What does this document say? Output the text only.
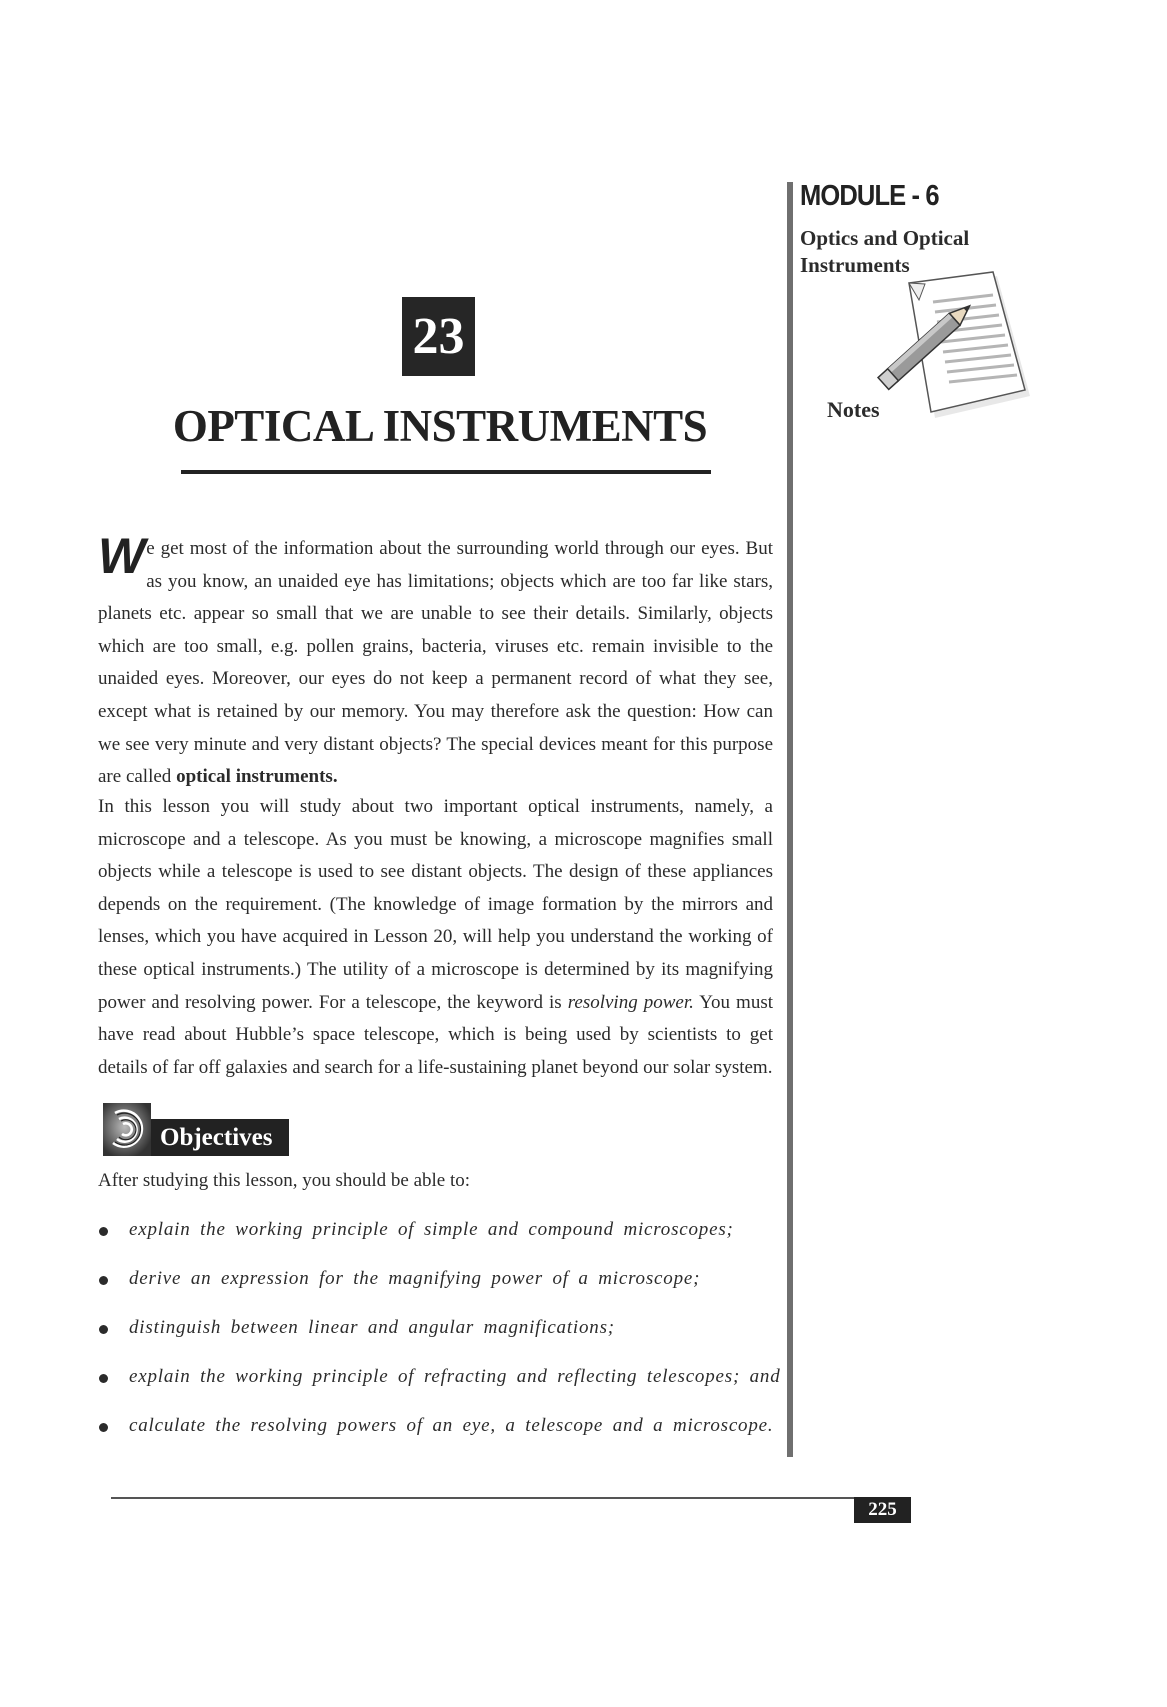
23
OPTICAL INSTRUMENTS
MODULE - 6
Optics and Optical
Instruments
Notes
We get most of the information about the surrounding world through our eyes. But as you know, an unaided eye has limitations; objects which are too far like stars, planets etc. appear so small that we are unable to see their details. Similarly, objects which are too small, e.g. pollen grains, bacteria, viruses etc. remain invisible to the unaided eyes. Moreover, our eyes do not keep a permanent record of what they see, except what is retained by our memory. You may therefore ask the question: How can we see very minute and very distant objects? The special devices meant for this purpose are called optical instruments.
In this lesson you will study about two important optical instruments, namely, a microscope and a telescope. As you must be knowing, a microscope magnifies small objects while a telescope is used to see distant objects. The design of these appliances depends on the requirement. (The knowledge of image formation by the mirrors and lenses, which you have acquired in Lesson 20, will help you understand the working of these optical instruments.) The utility of a microscope is determined by its magnifying power and resolving power. For a telescope, the keyword is resolving power. You must have read about Hubble’s space telescope, which is being used by scientists to get details of far off galaxies and search for a life-sustaining planet beyond our solar system.
Objectives
After studying this lesson, you should be able to:
explain the working principle of simple and compound microscopes;
derive an expression for the magnifying power of a microscope;
distinguish between linear and angular magnifications;
explain the working principle of refracting and reflecting telescopes; and
calculate the resolving powers of an eye, a telescope and a microscope.
225
